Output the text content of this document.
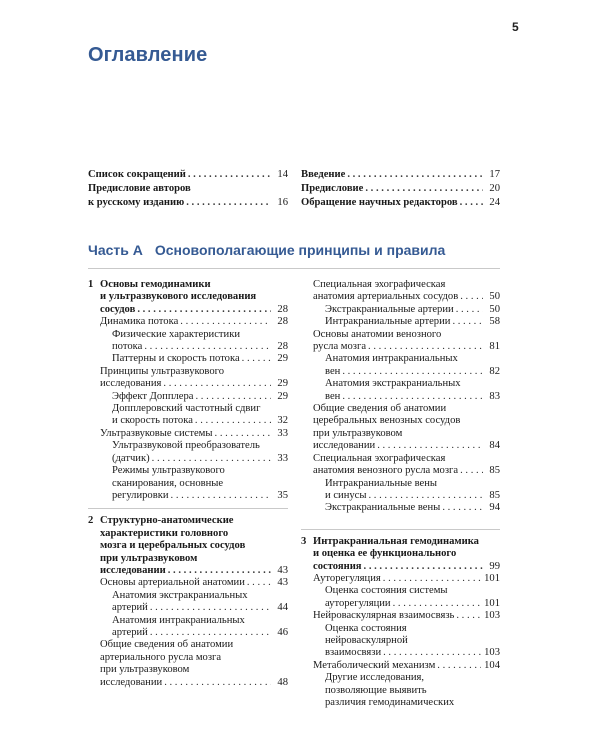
5
Оглавление
Список сокращений . . .	14
Предисловие авторов
к русскому изданию . . .	16
Введение . . .	17
Предисловие . . .	20
Обращение научных редакторов . . .	24
Часть A Основополагающие принципы и правила
1 Основы гемодинамики
и ультразвукового исследования
сосудов . . .	28
Динамика потока . . .	28
Физические характеристики
потока . . .	28
Паттерны и скорость потока . . .	29
Принципы ультразвукового
исследования . . .	29
Эффект Допплера . . .	29
Допплеровский частотный сдвиг
и скорость потока . . .	32
Ультразвуковые системы . . .	33
Ультразвуковой преобразователь
(датчик) . . .	33
Режимы ультразвукового
сканирования, основные
регулировки . . .	35
2 Структурно-анатомические
характеристики головного
мозга и церебральных сосудов
при ультразвуковом
исследовании . . .	43
Основы артериальной анатомии . . .	43
Анатомия экстракраниальных
артерий . . .	44
Анатомия интракраниальных
артерий . . .	46
Общие сведения об анатомии
артериального русла мозга
при ультразвуковом
исследовании . . .	48
Специальная эхографическая
анатомия артериальных сосудов . . .	50
Экстракраниальные артерии . . .	50
Интракраниальные артерии . . .	58
Основы анатомии венозного
русла мозга . . .	81
Анатомия интракраниальных
вен . . .	82
Анатомия экстракраниальных
вен . . .	83
Общие сведения об анатомии
церебральных венозных сосудов
при ультразвуковом
исследовании . . .	84
Специальная эхографическая
анатомия венозного русла мозга . . .	85
Интракраниальные вены
и синусы . . .	85
Экстракраниальные вены . . .	94
3 Интракраниальная гемодинамика
и оценка ее функционального
состояния . . .	99
Ауторегуляция . . .	101
Оценка состояния системы
ауторегуляции . . .	101
Нейроваскулярная взаимосвязь . . .	103
Оценка состояния
нейроваскулярной
взаимосвязи . . .	103
Метаболический механизм . . .	104
Другие исследования,
позволяющие выявить
различия гемодинамических
